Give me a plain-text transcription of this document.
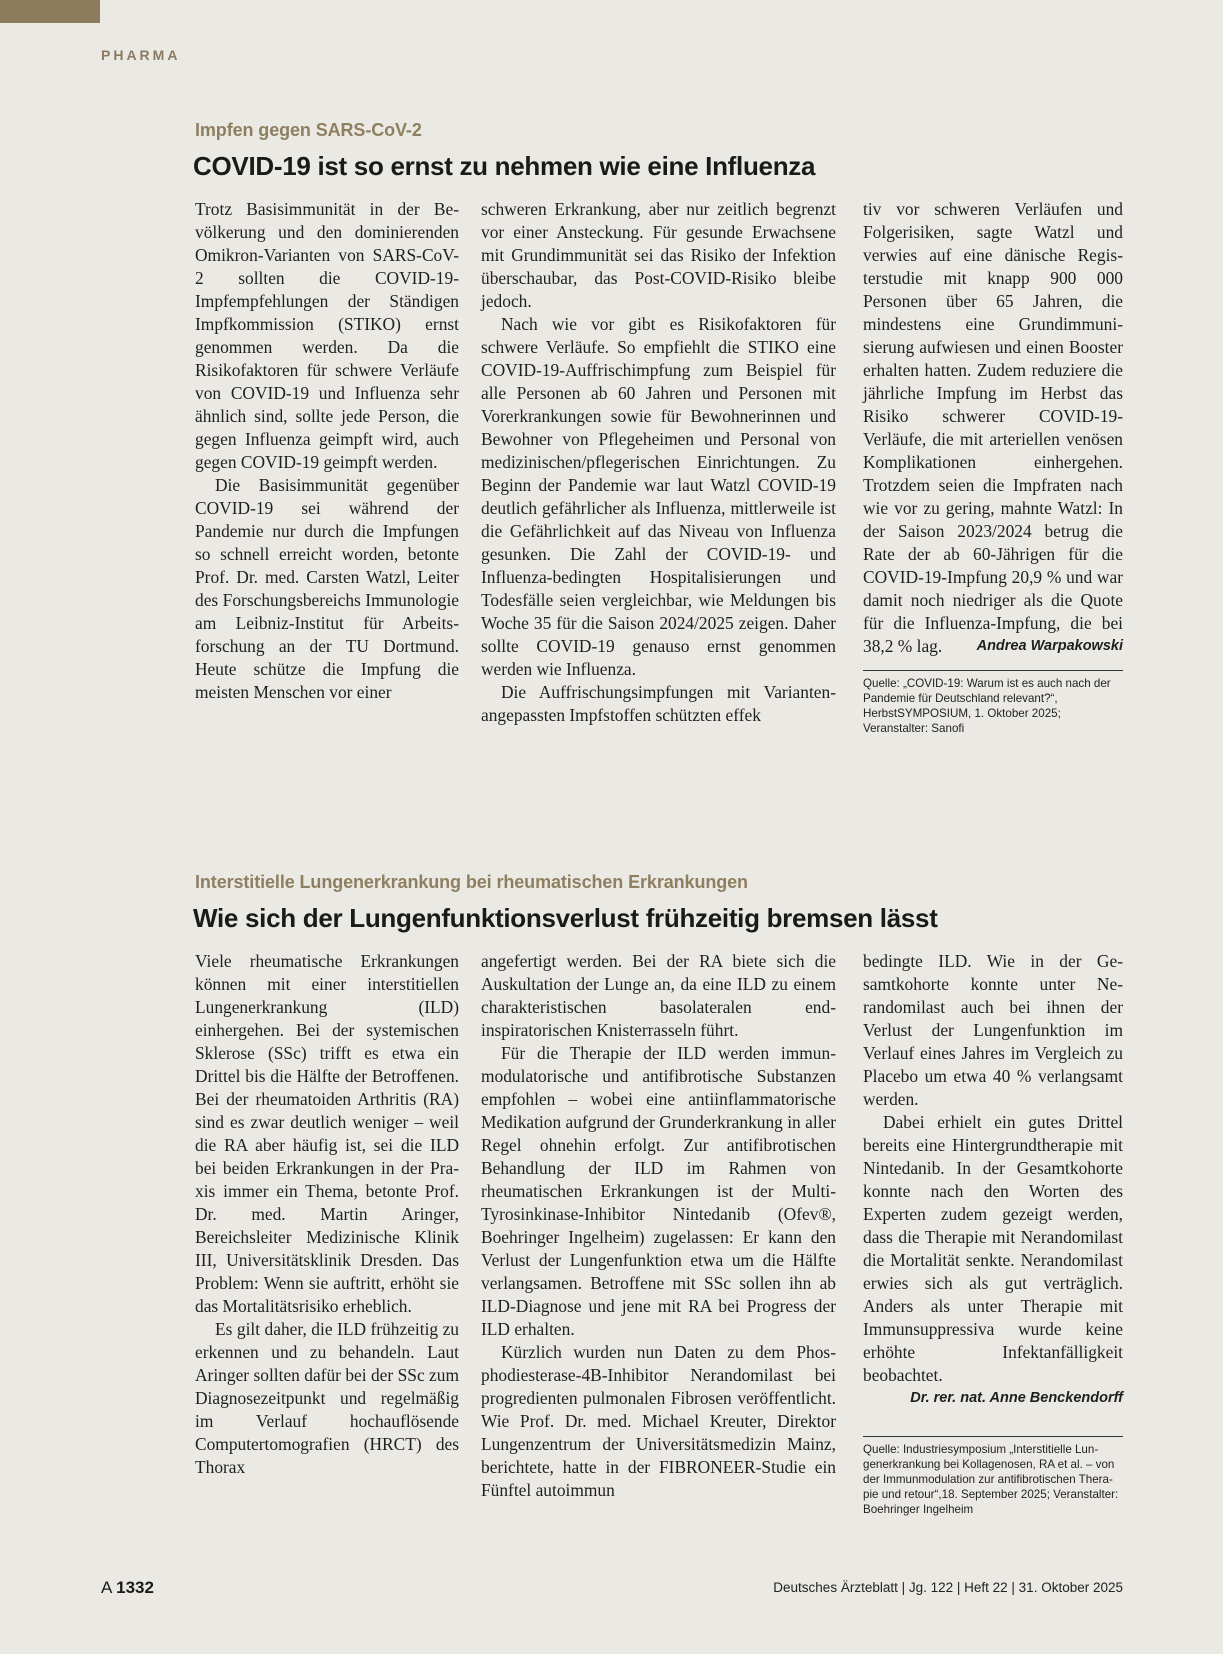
PHARMA
Impfen gegen SARS-CoV-2
COVID-19 ist so ernst zu nehmen wie eine Influenza

Trotz Basisimmunität in der Bevölkerung und den dominierenden Omikron-Varianten von SARS-CoV-2 sollten die COVID-19-Impfempfehlungen der Ständigen Impfkommission (STIKO) ernst genommen werden. Da die Risikofaktoren für schwere Verläufe von COVID-19 und Influenza sehr ähnlich sind, sollte jede Person, die gegen Influenza geimpft wird, auch gegen COVID-19 geimpft werden.

Die Basisimmunität gegenüber COVID-19 sei während der Pandemie nur durch die Impfungen so schnell erreicht worden, betonte Prof. Dr. med. Carsten Watzl, Leiter des Forschungsbereichs Immunologie am Leibniz-Institut für Arbeitsforschung an der TU Dortmund. Heute schütze die Impfung die meisten Menschen vor einer

schweren Erkrankung, aber nur zeitlich begrenzt vor einer Ansteckung. Für gesunde Erwachsene mit Grundimmunität sei das Risiko der Infektion überschaubar, das Post-COVID-Risiko bleibe jedoch.

Nach wie vor gibt es Risikofaktoren für schwere Verläufe. So empfiehlt die STIKO eine COVID-19-Auffrischimpfung zum Beispiel für alle Personen ab 60 Jahren und Personen mit Vorerkrankungen sowie für Bewohnerinnen und Bewohner von Pflegeheimen und Personal von medizinischen/pflegerischen Einrichtungen. Zu Beginn der Pandemie war laut Watzl COVID-19 deutlich gefährlicher als Influenza, mittlerweile ist die Gefährlichkeit auf das Niveau von Influenza gesunken. Die Zahl der COVID-19- und Influenza-bedingten Hospitalisierungen und Todesfälle seien vergleichbar, wie Meldungen bis Woche 35 für die Saison 2024/2025 zeigen. Daher sollte COVID-19 genauso ernst genommen werden wie Influenza.

Die Auffrischungsimpfungen mit Varianten-angepassten Impfstoffen schützten effek

tiv vor schweren Verläufen und Folgerisiken, sagte Watzl und verwies auf eine dänische Registerstudie mit knapp 900 000 Personen über 65 Jahren, die mindestens eine Grundimmunisierung aufwiesen und einen Booster erhalten hatten. Zudem reduziere die jährliche Impfung im Herbst das Risiko schwerer COVID-19-Verläufe, die mit arteriellen venösen Komplikationen einhergehen. Trotzdem seien die Impfraten nach wie vor zu gering, mahnte Watzl: In der Saison 2023/2024 betrug die Rate der ab 60-Jährigen für die COVID-19-Impfung 20,9 % und war damit noch niedriger als die Quote für die Influenza-Impfung, die bei 38,2 % lag.	Andrea Warpakowski
Quelle: „COVID-19: Warum ist es auch nach der Pandemie für Deutschland relevant?“, HerbstSYMPOSIUM, 1. Oktober 2025; Veranstalter: Sanofi
Interstitielle Lungenerkrankung bei rheumatischen Erkrankungen
Wie sich der Lungenfunktionsverlust frühzeitig bremsen lässt

Viele rheumatische Erkrankungen können mit einer interstitiellen Lungenerkrankung (ILD) einhergehen. Bei der systemischen Sklerose (SSc) trifft es etwa ein Drittel bis die Hälfte der Betroffenen. Bei der rheumatoiden Arthritis (RA) sind es zwar deutlich weniger – weil die RA aber häufig ist, sei die ILD bei beiden Erkrankungen in der Praxis immer ein Thema, betonte Prof. Dr. med. Martin Aringer, Bereichsleiter Medizinische Klinik III, Universitätsklinik Dresden. Das Problem: Wenn sie auftritt, erhöht sie das Mortalitätsrisiko erheblich.

Es gilt daher, die ILD frühzeitig zu erkennen und zu behandeln. Laut Aringer sollten dafür bei der SSc zum Diagnosezeitpunkt und regelmäßig im Verlauf hochauflösende Computertomografien (HRCT) des Thorax

angefertigt werden. Bei der RA biete sich die Auskultation der Lunge an, da eine ILD zu einem charakteristischen basolateralen endinspiratorischen Knisterrasseln führt.

Für die Therapie der ILD werden immunmodulatorische und antifibrotische Substanzen empfohlen – wobei eine antiinflammatorische Medikation aufgrund der Grunderkrankung in aller Regel ohnehin erfolgt. Zur antifibrotischen Behandlung der ILD im Rahmen von rheumatischen Erkrankungen ist der Multi-Tyrosinkinase-Inhibitor Nintedanib (Ofev®, Boehringer Ingelheim) zugelassen: Er kann den Verlust der Lungenfunktion etwa um die Hälfte verlangsamen. Betroffene mit SSc sollen ihn ab ILD-Diagnose und jene mit RA bei Progress der ILD erhalten.

Kürzlich wurden nun Daten zu dem Phosphodiesterase-4B-Inhibitor Nerandomilast bei progredienten pulmonalen Fibrosen veröffentlicht. Wie Prof. Dr. med. Michael Kreuter, Direktor Lungenzentrum der Universitätsmedizin Mainz, berichtete, hatte in der FIBRONEER-Studie ein Fünftel autoimmun

bedingte ILD. Wie in der Gesamtkohorte konnte unter Nerandomilast auch bei ihnen der Verlust der Lungenfunktion im Verlauf eines Jahres im Vergleich zu Placebo um etwa 40 % verlangsamt werden.

Dabei erhielt ein gutes Drittel bereits eine Hintergrundtherapie mit Nintedanib. In der Gesamtkohorte konnte nach den Worten des Experten zudem gezeigt werden, dass die Therapie mit Nerandomilast die Mortalität senkte. Nerandomilast erwies sich als gut verträglich. Anders als unter Therapie mit Immunsuppressiva wurde keine erhöhte Infektanfälligkeit beobachtet.

Dr. rer. nat. Anne Benckendorff
Quelle: Industriesymposium „Interstitielle Lungenerkrankung bei Kollagenosen, RA et al. – von der Immunmodulation zur antifibrotischen Therapie und retour“,18. September 2025; Veranstalter: Boehringer Ingelheim
A 1332	Deutsches Ärzteblatt | Jg. 122 | Heft 22 | 31. Oktober 2025
